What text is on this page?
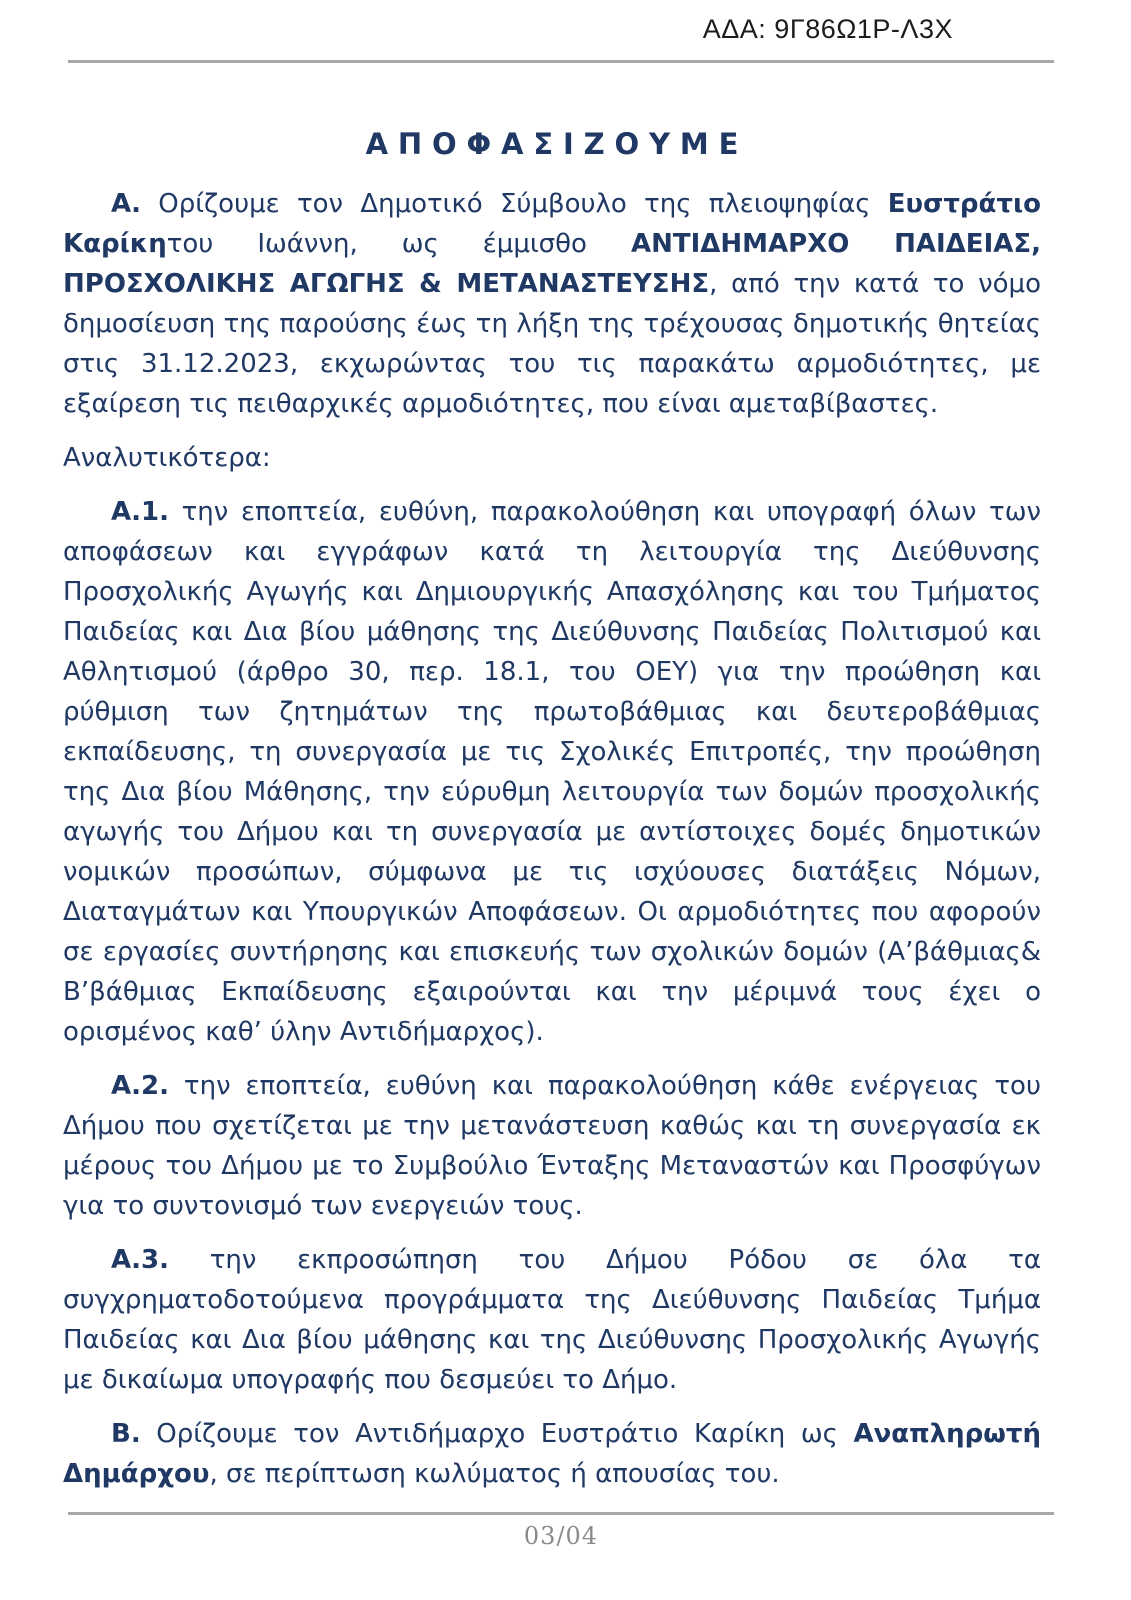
ΑΔΑ: 9Γ86Ω1Ρ-Λ3Χ
ΑΠΟΦΑΣΙΖΟΥΜΕ

Α. Ορίζουμε τον Δημοτικό Σύμβουλο της πλειοψηφίας Ευστράτιο Καρίκητου Ιωάννη, ως έμμισθο ΑΝΤΙΔΗΜΑΡΧΟ ΠΑΙΔΕΙΑΣ, ΠΡΟΣΧΟΛΙΚΗΣ ΑΓΩΓΗΣ & ΜΕΤΑΝΑΣΤΕΥΣΗΣ, από την κατά το νόμο δημοσίευση της παρούσης έως τη λήξη της τρέχουσας δημοτικής θητείας στις 31.12.2023, εκχωρώντας του τις παρακάτω αρμοδιότητες, με εξαίρεση τις πειθαρχικές αρμοδιότητες, που είναι αμεταβίβαστες.

Αναλυτικότερα:

Α.1. την εποπτεία, ευθύνη, παρακολούθηση και υπογραφή όλων των αποφάσεων και εγγράφων κατά τη λειτουργία της Διεύθυνσης Προσχολικής Αγωγής και Δημιουργικής Απασχόλησης και του Τμήματος Παιδείας και Δια βίου μάθησης της Διεύθυνσης Παιδείας Πολιτισμού και Αθλητισμού (άρθρο 30, περ. 18.1, του ΟΕΥ) για την προώθηση και ρύθμιση των ζητημάτων της πρωτοβάθμιας και δευτεροβάθμιας εκπαίδευσης, τη συνεργασία με τις Σχολικές Επιτροπές, την προώθηση της Δια βίου Μάθησης, την εύρυθμη λειτουργία των δομών προσχολικής αγωγής του Δήμου και τη συνεργασία με αντίστοιχες δομές δημοτικών νομικών προσώπων, σύμφωνα με τις ισχύουσες διατάξεις Νόμων, Διαταγμάτων και Υπουργικών Αποφάσεων. Οι αρμοδιότητες που αφορούν σε εργασίες συντήρησης και επισκευής των σχολικών δομών (Α’βάθμιας& Β’βάθμιας Εκπαίδευσης εξαιρούνται και την μέριμνά τους έχει ο ορισμένος καθ’ ύλην Αντιδήμαρχος).

Α.2. την εποπτεία, ευθύνη και παρακολούθηση κάθε ενέργειας του Δήμου που σχετίζεται με την μετανάστευση καθώς και τη συνεργασία εκ μέρους του Δήμου με το Συμβούλιο Ένταξης Μεταναστών και Προσφύγων για το συντονισμό των ενεργειών τους.

Α.3. την εκπροσώπηση του Δήμου Ρόδου σε όλα τα συγχρηματοδοτούμενα προγράμματα της Διεύθυνσης Παιδείας Τμήμα Παιδείας και Δια βίου μάθησης και της Διεύθυνσης Προσχολικής Αγωγής με δικαίωμα υπογραφής που δεσμεύει το Δήμο.

Β. Ορίζουμε τον Αντιδήμαρχο Ευστράτιο Καρίκη ως Αναπληρωτή Δημάρχου, σε περίπτωση κωλύματος ή απουσίας του.

03/04
